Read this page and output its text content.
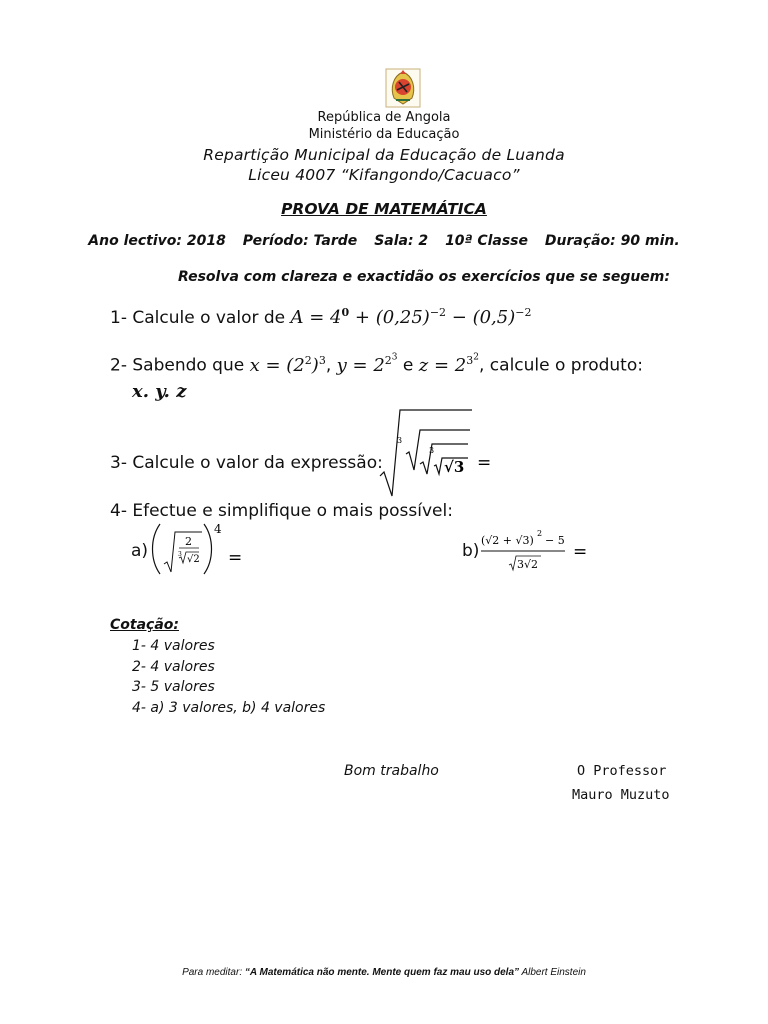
República de Angola
Ministério da Educação
Repartição Municipal da Educação de Luanda
Liceu 4007 “Kifangondo/Cacuaco”
PROVA DE MATEMÁTICA
Ano lectivo: 2018 Período: Tarde Sala: 2 10ª Classe Duração: 90 min.
Resolva com clareza e exactidão os exercícios que se seguem:
1- Calcule o valor de $A = 4^0 + (0,25)^{-2} - (0,5)^{-2}$
2- Sabendo que $x = (2^2)^3$, $y = 2^{2^3}$ e $z = 2^{3^2}$, calcule o produto:
x. y. z
3- Calcule o valor da expressão:
3
3
√3 =
4- Efectue e simplifique o mais possível:
a)	2
3 √2
4
=	b)
(√2 + √3)
2
− 5
3√2
=
Cotação:
1- 4 valores
2- 4 valores
3- 5 valores
4- a) 3 valores, b) 4 valores
Bom trabalho	O Professor
Mauro Muzuto
Para meditar: “A Matemática não mente. Mente quem faz mau uso dela” Albert Einstein
